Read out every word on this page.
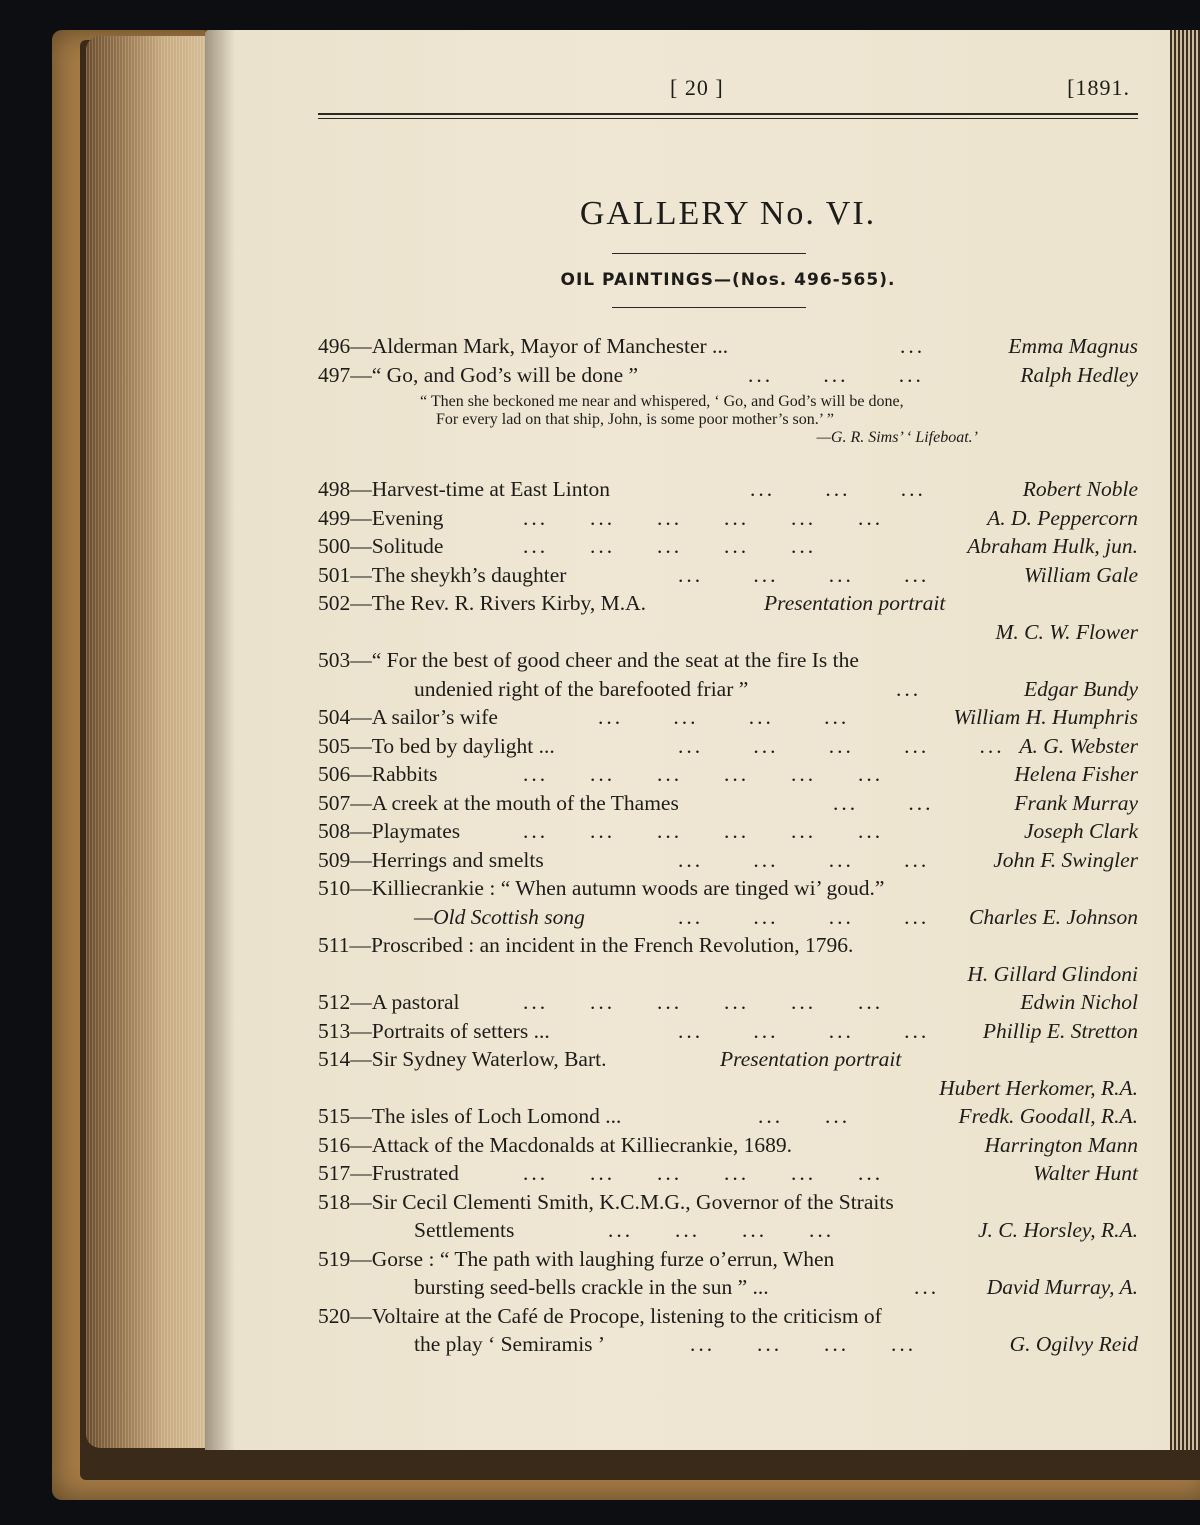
[ 20 ]	[1891.
GALLERY No. VI.
OIL PAINTINGS—(Nos. 496-565).
496—Alderman Mark, Mayor of Manchester ...	...	Emma Magnus
497—“ Go, and God’s will be done ”	...      ...      ...	Ralph Hedley
“ Then she beckoned me near and whispered, ‘ Go, and God’s will be done,
For every lad on that ship, John, is some poor mother’s son.’ ”
—G. R. Sims’ ‘ Lifeboat.’
498—Harvest-time at East Linton	...      ...      ...	Robert Noble
499—Evening	...     ...     ...     ...     ...     ...	A. D. Peppercorn
500—Solitude	...     ...     ...     ...     ...	Abraham Hulk, jun.
501—The sheykh’s daughter	...      ...      ...      ...	William Gale
502—The Rev. R. Rivers Kirby, M.A.	Presentation portrait
M. C. W. Flower
503—“ For the best of good cheer and the seat at the fire Is the
undenied right of the barefooted friar ”	...	Edgar Bundy
504—A sailor’s wife	...      ...      ...      ...	William H. Humphris
505—To bed by daylight ...	...      ...      ...      ...      ... A. G. Webster
506—Rabbits	...     ...     ...     ...     ...     ...	Helena Fisher
507—A creek at the mouth of the Thames	...      ...	Frank Murray
508—Playmates	...     ...     ...     ...     ...     ...	Joseph Clark
509—Herrings and smelts	...      ...      ...      ...	John F. Swingler
510—Killiecrankie : “ When autumn woods are tinged wi’ goud.”
—Old Scottish song	...      ...      ...      ... Charles E. Johnson
511—Proscribed : an incident in the French Revolution, 1796.
H. Gillard Glindoni
512—A pastoral	...     ...     ...     ...     ...     ...	Edwin Nichol
513—Portraits of setters ...	...      ...      ...      ... Phillip E. Stretton
514—Sir Sydney Waterlow, Bart.	Presentation portrait
Hubert Herkomer, R.A.
515—The isles of Loch Lomond ...	...     ...	Fredk. Goodall, R.A.
516—Attack of the Macdonalds at Killiecrankie, 1689.	Harrington Mann
517—Frustrated	...     ...     ...     ...     ...     ...	Walter Hunt
518—Sir Cecil Clementi Smith, K.C.M.G., Governor of the Straits
Settlements	...     ...     ...     ...	J. C. Horsley, R.A.
519—Gorse : “ The path with laughing furze o’errun, When
bursting seed-bells crackle in the sun ” ...	... David Murray, A.
520—Voltaire at the Café de Procope, listening to the criticism of
the play ‘ Semiramis ’	...     ...     ...     ...	G. Ogilvy Reid
